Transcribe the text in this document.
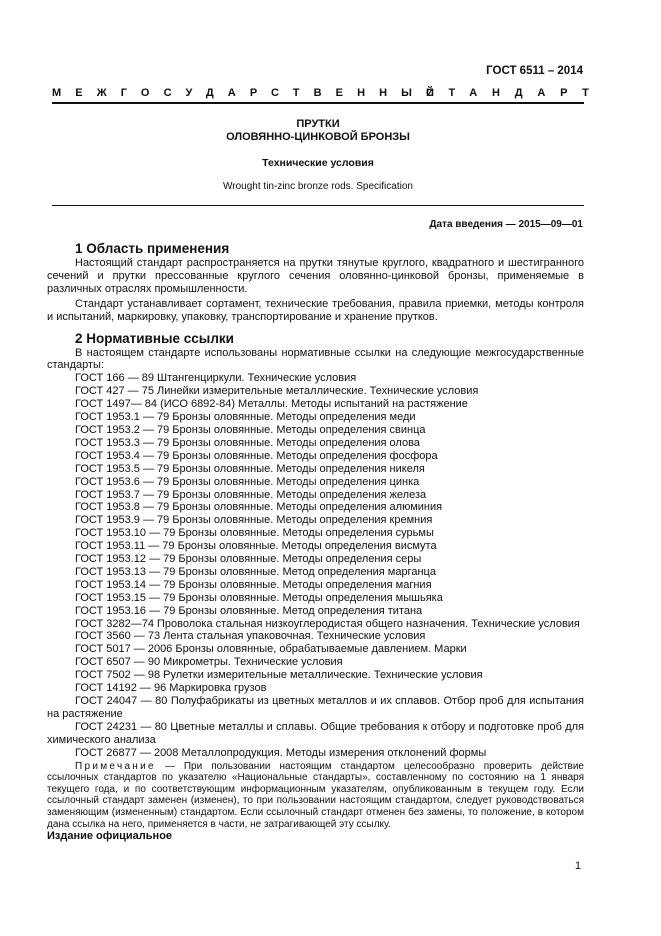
ГОСТ 6511 – 2014
МЕЖГОСУДАРСТВЕННЫЙ
СТАНДАРТ
ПРУТКИ
ОЛОВЯННО-ЦИНКОВОЙ БРОНЗЫ
Технические условия
Wrought tin-zinc bronze rods. Specification
Дата введения — 2015—09—01
1 Область применения

Настоящий стандарт распространяется на прутки тянутые круглого, квадратного и шестигранного сечений и прутки прессованные круглого сечения оловянно-цинковой бронзы, применяемые в различных отраслях промышленности.

Стандарт устанавливает сортамент, технические требования, правила приемки, методы контроля и испытаний, маркировку, упаковку, транспортирование и хранение прутков.

2 Нормативные ссылки

В настоящем стандарте использованы нормативные ссылки на следующие межгосударственные стандарты:

ГОСТ 166 — 89 Штангенциркули. Технические условия
ГОСТ 427 — 75 Линейки измерительные металлические. Технические условия
ГОСТ 1497— 84 (ИСО 6892-84) Металлы. Методы испытаний на растяжение
ГОСТ 1953.1 — 79 Бронзы оловянные. Методы определения меди
ГОСТ 1953.2 — 79 Бронзы оловянные. Методы определения свинца
ГОСТ 1953.3 — 79 Бронзы оловянные. Методы определения олова
ГОСТ 1953.4 — 79 Бронзы оловянные. Методы определения фосфора
ГОСТ 1953.5 — 79 Бронзы оловянные. Методы определения никеля
ГОСТ 1953.6 — 79 Бронзы оловянные. Методы определения цинка
ГОСТ 1953.7 — 79 Бронзы оловянные. Методы определения железа
ГОСТ 1953.8 — 79 Бронзы оловянные. Методы определения алюминия
ГОСТ 1953.9 — 79 Бронзы оловянные. Методы определения кремния
ГОСТ 1953.10 — 79 Бронзы оловянные. Методы определения сурьмы
ГОСТ 1953.11 — 79 Бронзы оловянные. Методы определения висмута
ГОСТ 1953.12 — 79 Бронзы оловянные. Методы определения серы
ГОСТ 1953.13 — 79 Бронзы оловянные. Метод определения марганца
ГОСТ 1953.14 — 79 Бронзы оловянные. Методы определения магния
ГОСТ 1953.15 — 79 Бронзы оловянные. Методы определения мышьяка
ГОСТ 1953.16 — 79 Бронзы оловянные. Метод определения титана
ГОСТ 3282—74 Проволока стальная низкоуглеродистая общего назначения. Технические условия
ГОСТ 3560 — 73 Лента стальная упаковочная. Технические условия
ГОСТ 5017 — 2006 Бронзы оловянные, обрабатываемые давлением. Марки
ГОСТ 6507 — 90 Микрометры. Технические условия
ГОСТ 7502 — 98 Рулетки измерительные металлические. Технические условия
ГОСТ 14192 — 96 Маркировка грузов

ГОСТ 24047 — 80 Полуфабрикаты из цветных металлов и их сплавов. Отбор проб для испытания на растяжение

ГОСТ 24231 — 80 Цветные металлы и сплавы. Общие требования к отбору и подготовке проб для химического анализа

ГОСТ 26877 — 2008 Металлопродукция. Методы измерения отклонений формы
Примечание — При пользовании настоящим стандартом целесообразно проверить действие ссылочных стандартов по указателю «Национальные стандарты», составленному по состоянию на 1 января текущего года, и по соответствующим информационным указателям, опубликованным в текущем году. Если ссылочный стандарт заменен (изменен), то при пользовании настоящим стандартом, следует руководствоваться заменяющим (измененным) стандартом. Если ссылочный стандарт отменен без замены, то положение, в котором дана ссылка на него, применяется в части, не затрагивающей эту ссылку.
Издание официальное
1
